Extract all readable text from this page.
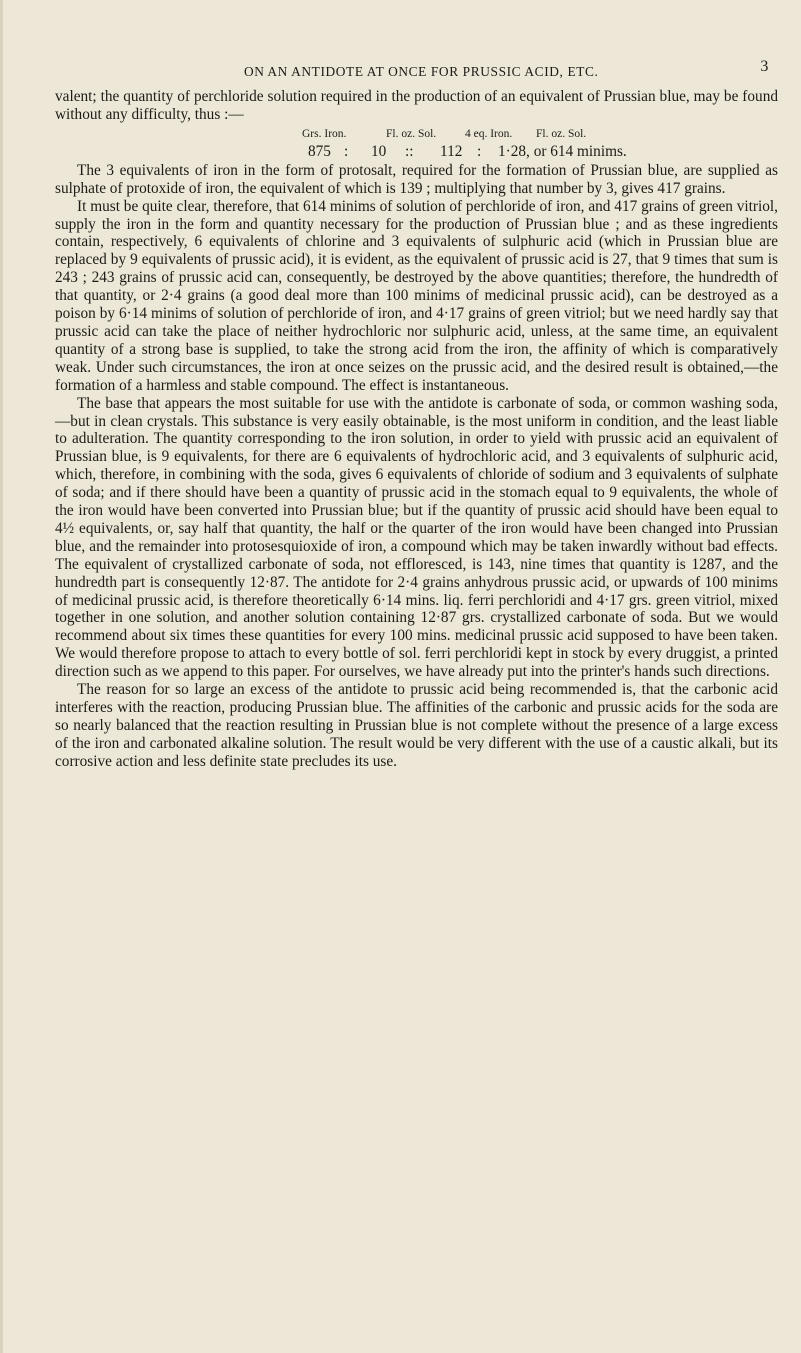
ON AN ANTIDOTE AT ONCE FOR PRUSSIC ACID, ETC.	3

valent; the quantity of perchloride solution required in the production of an equivalent of Prussian blue, may be found without any difficulty, thus :—

Grs. Iron.	Fl. oz. Sol.	4 eq. Iron.	Fl. oz. Sol.
875 :	10	::	112 :	1·28, or 614 minims.

The 3 equivalents of iron in the form of protosalt, required for the formation of Prussian blue, are supplied as sulphate of protoxide of iron, the equivalent of which is 139 ; multiplying that number by 3, gives 417 grains.

It must be quite clear, therefore, that 614 minims of solution of perchloride of iron, and 417 grains of green vitriol, supply the iron in the form and quantity necessary for the production of Prussian blue ; and as these ingredients contain, respectively, 6 equivalents of chlorine and 3 equivalents of sulphuric acid (which in Prussian blue are replaced by 9 equivalents of prussic acid), it is evident, as the equivalent of prussic acid is 27, that 9 times that sum is 243 ; 243 grains of prussic acid can, consequently, be destroyed by the above quantities; therefore, the hundredth of that quantity, or 2·4 grains (a good deal more than 100 minims of medicinal prussic acid), can be destroyed as a poison by 6·14 minims of solution of perchloride of iron, and 4·17 grains of green vitriol; but we need hardly say that prussic acid can take the place of neither hydrochloric nor sulphuric acid, unless, at the same time, an equivalent quantity of a strong base is supplied, to take the strong acid from the iron, the affinity of which is comparatively weak. Under such circumstances, the iron at once seizes on the prussic acid, and the desired result is obtained,—the formation of a harmless and stable compound. The effect is instantaneous.

The base that appears the most suitable for use with the antidote is carbonate of soda, or common washing soda,—but in clean crystals. This substance is very easily obtainable, is the most uniform in condition, and the least liable to adulteration. The quantity corresponding to the iron solution, in order to yield with prussic acid an equivalent of Prussian blue, is 9 equivalents, for there are 6 equivalents of hydrochloric acid, and 3 equivalents of sulphuric acid, which, therefore, in combining with the soda, gives 6 equivalents of chloride of sodium and 3 equivalents of sulphate of soda; and if there should have been a quantity of prussic acid in the stomach equal to 9 equivalents, the whole of the iron would have been converted into Prussian blue; but if the quantity of prussic acid should have been equal to 4½ equivalents, or, say half that quantity, the half or the quarter of the iron would have been changed into Prussian blue, and the remainder into protosesquioxide of iron, a compound which may be taken inwardly without bad effects. The equivalent of crystallized carbonate of soda, not effloresced, is 143, nine times that quantity is 1287, and the hundredth part is consequently 12·87. The antidote for 2·4 grains anhydrous prussic acid, or upwards of 100 minims of medicinal prussic acid, is therefore theoretically 6·14 mins. liq. ferri perchloridi and 4·17 grs. green vitriol, mixed together in one solution, and another solution containing 12·87 grs. crystallized carbonate of soda. But we would recommend about six times these quantities for every 100 mins. medicinal prussic acid supposed to have been taken. We would therefore propose to attach to every bottle of sol. ferri perchloridi kept in stock by every druggist, a printed direction such as we append to this paper. For ourselves, we have already put into the printer's hands such directions.

The reason for so large an excess of the antidote to prussic acid being recommended is, that the carbonic acid interferes with the reaction, producing Prussian blue. The affinities of the carbonic and prussic acids for the soda are so nearly balanced that the reaction resulting in Prussian blue is not complete without the presence of a large excess of the iron and carbonated alkaline solution. The result would be very different with the use of a caustic alkali, but its corrosive action and less definite state precludes its use.
